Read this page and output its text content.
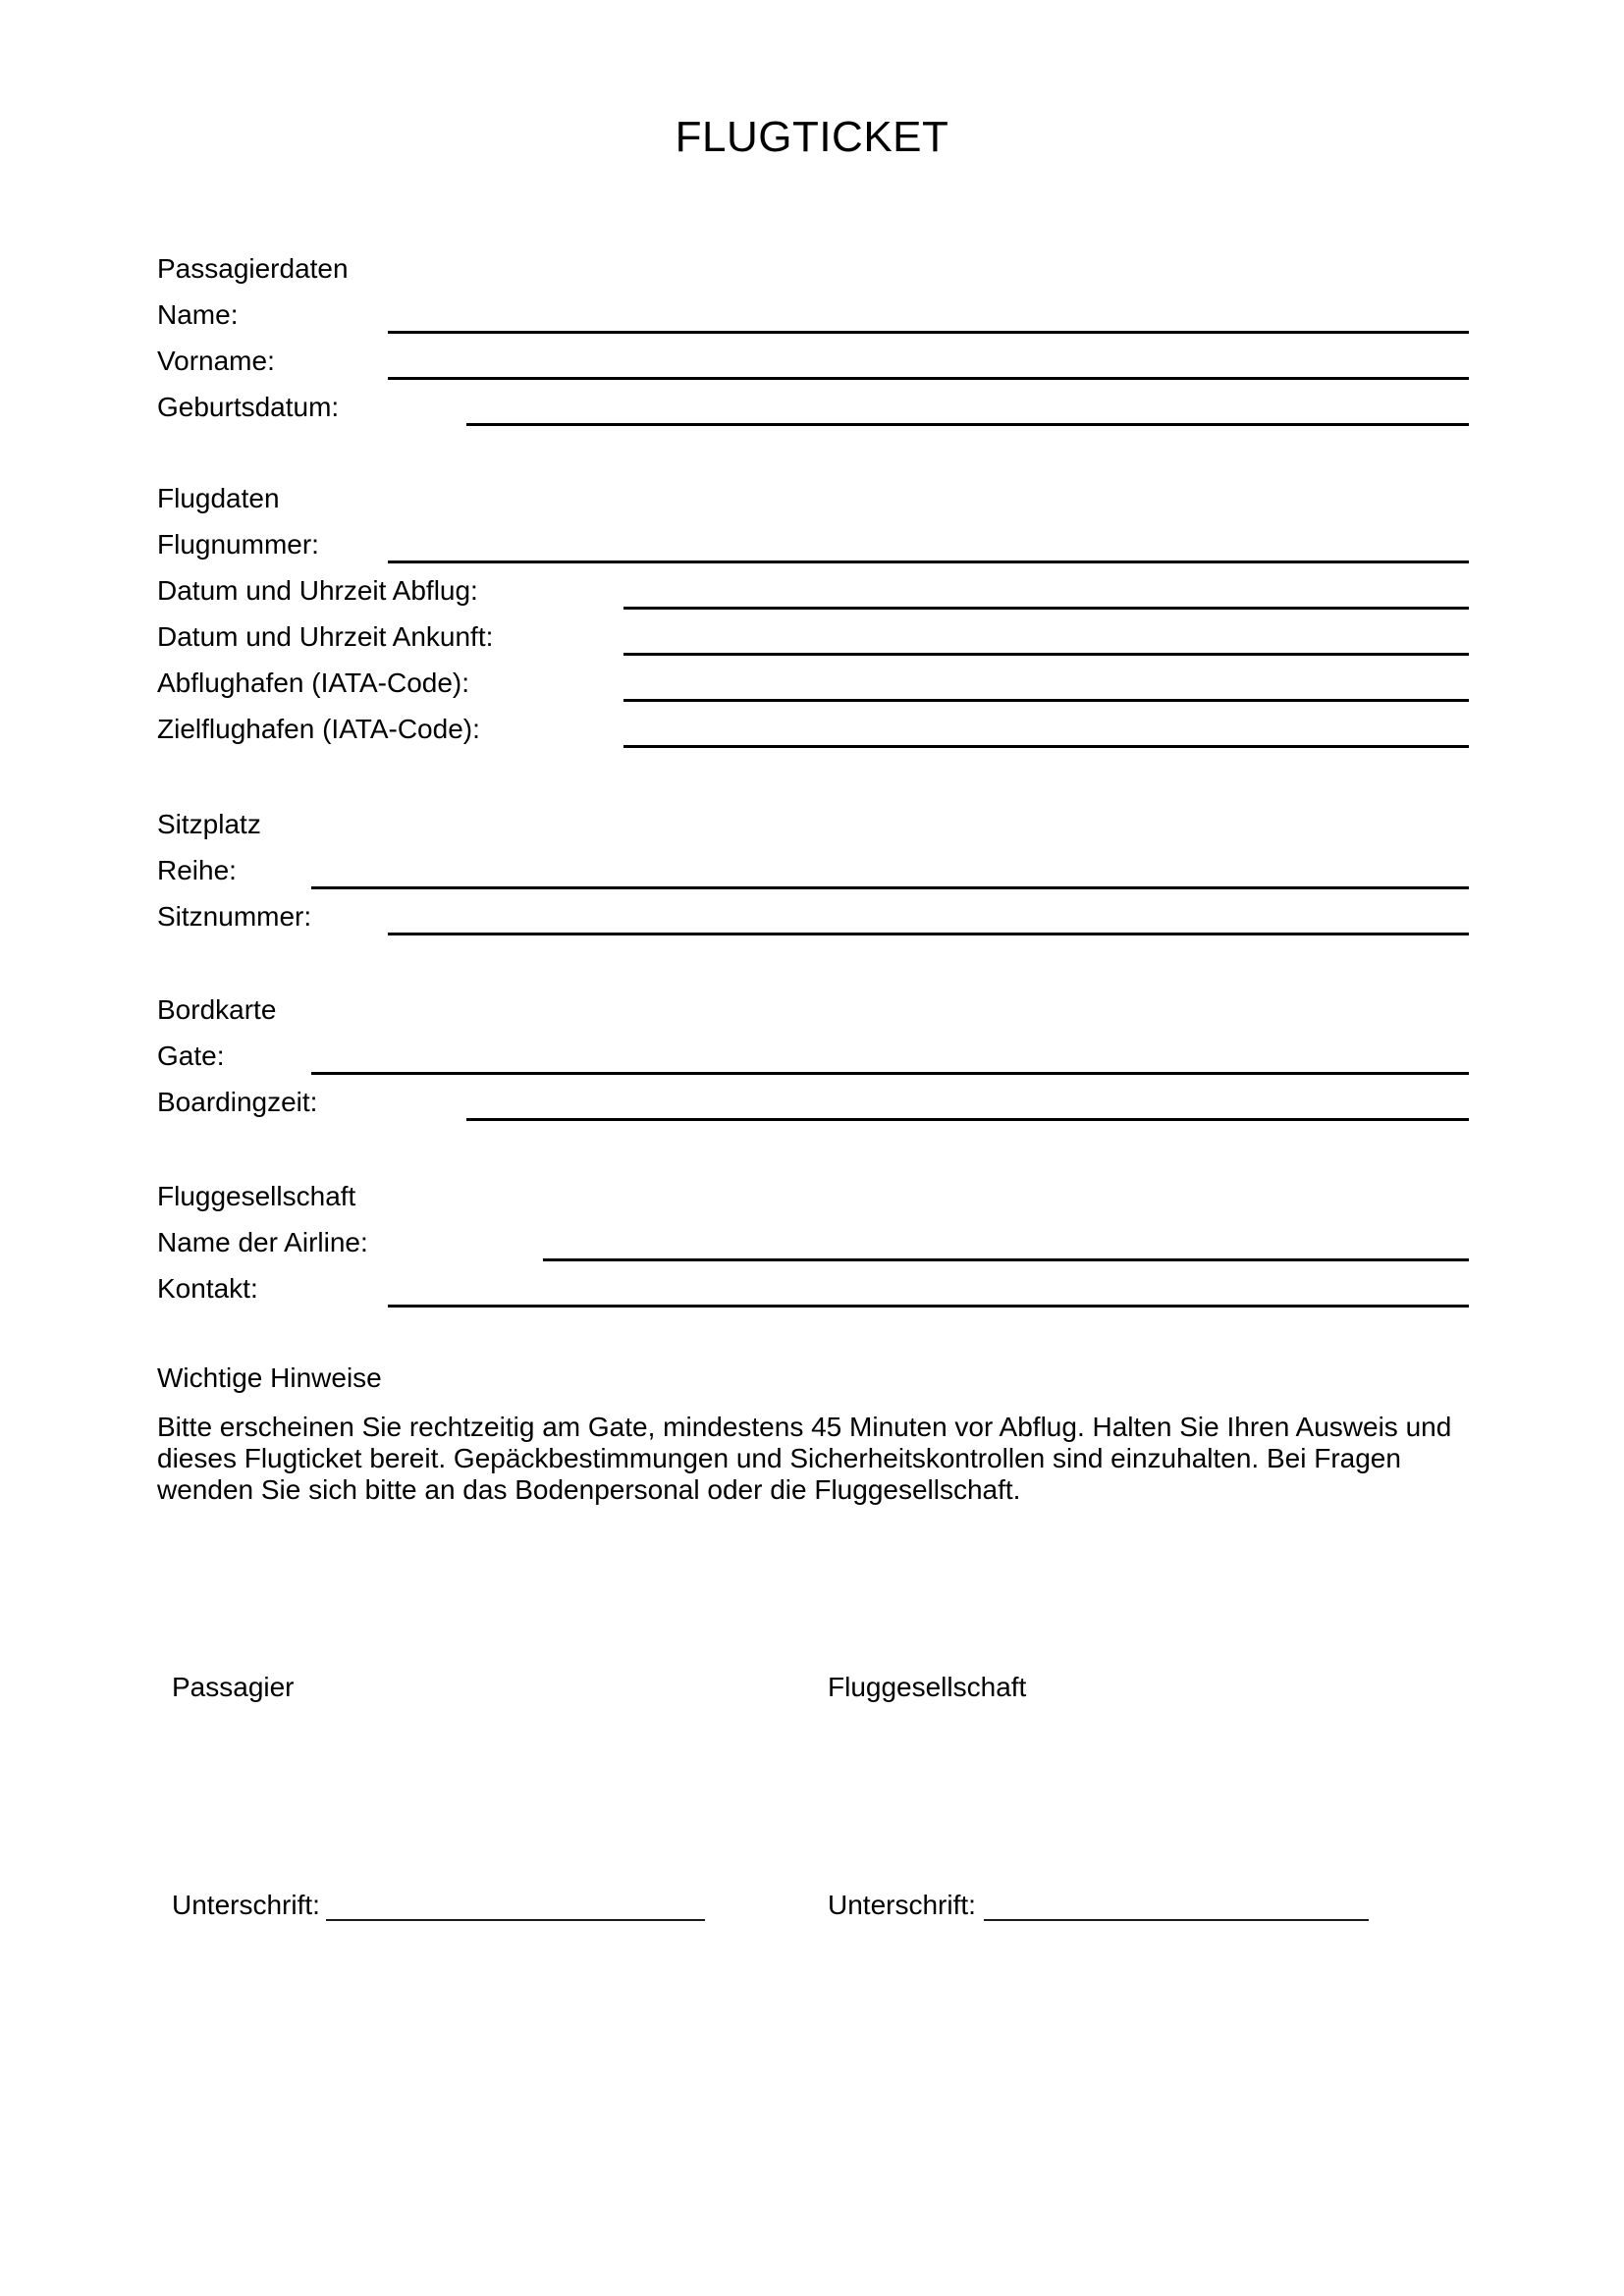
FLUGTICKET
Passagierdaten
Name:
Vorname:
Geburtsdatum:
Flugdaten
Flugnummer:
Datum und Uhrzeit Abflug:
Datum und Uhrzeit Ankunft:
Abflughafen (IATA-Code):
Zielflughafen (IATA-Code):
Sitzplatz
Reihe:
Sitznummer:
Bordkarte
Gate:
Boardingzeit:
Fluggesellschaft
Name der Airline:
Kontakt:
Wichtige Hinweise
Bitte erscheinen Sie rechtzeitig am Gate, mindestens 45 Minuten vor Abflug. Halten Sie Ihren Ausweis und
dieses Flugticket bereit. Gepäckbestimmungen und Sicherheitskontrollen sind einzuhalten. Bei Fragen
wenden Sie sich bitte an das Bodenpersonal oder die Fluggesellschaft.
Passagier	Fluggesellschaft
Unterschrift:	Unterschrift:
